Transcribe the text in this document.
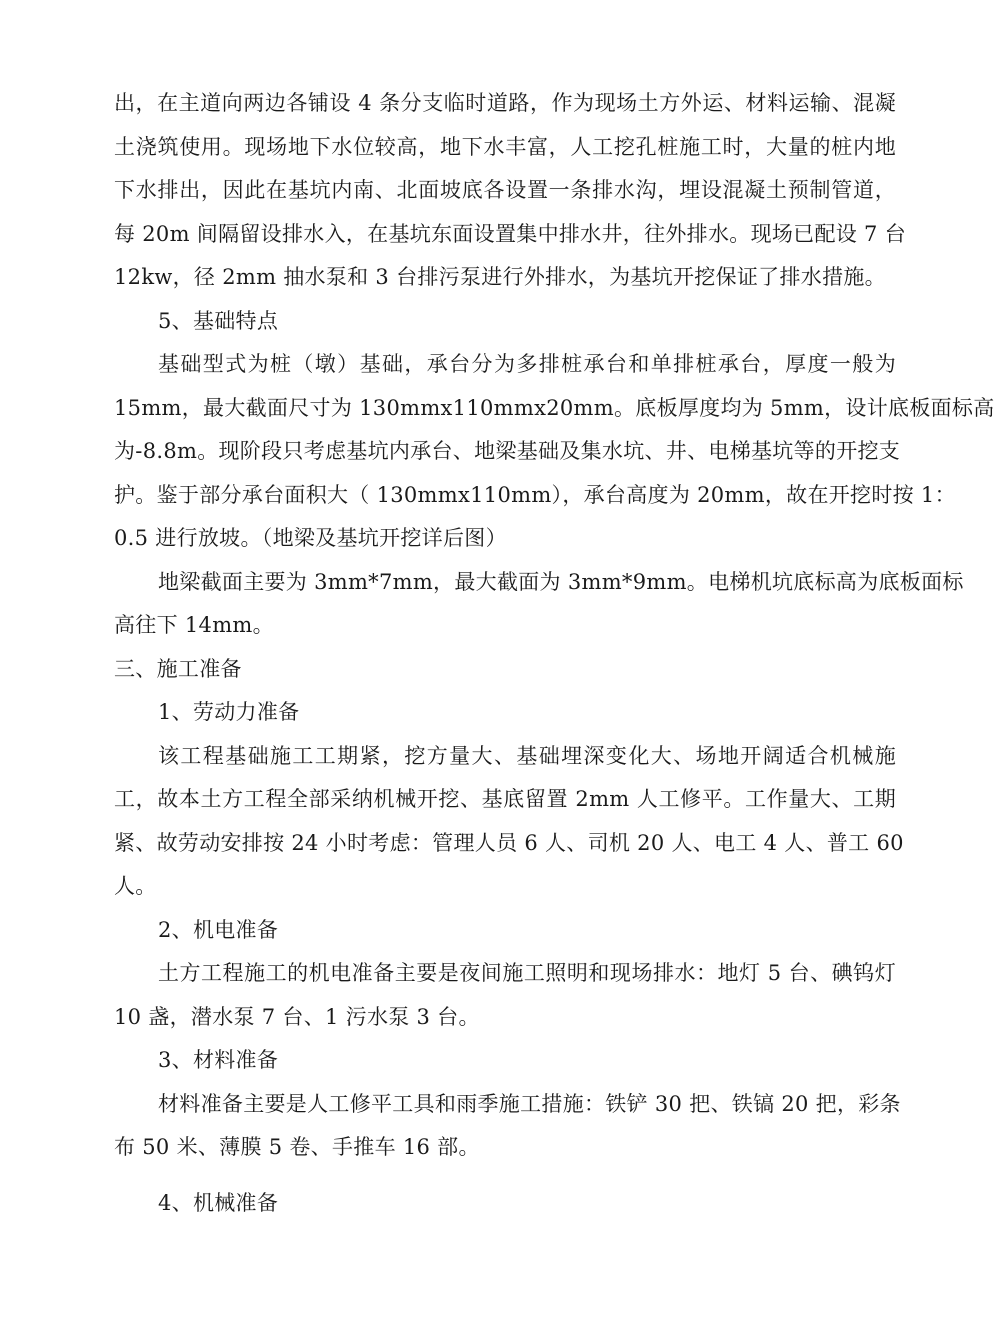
出，在主道向两边各铺设 4 条分支临时道路，作为现场土方外运、材料运输、混凝
土浇筑使用。现场地下水位较高，地下水丰富，人工挖孔桩施工时，大量的桩内地
下水排出，因此在基坑内南、北面坡底各设置一条排水沟，埋设混凝土预制管道，
每 20m 间隔留设排水入，在基坑东面设置集中排水井，往外排水。现场已配设 7 台
12kw，径 2mm 抽水泵和 3 台排污泵进行外排水，为基坑开挖保证了排水措施。
5、基础特点
基础型式为桩（墩）基础，承台分为多排桩承台和单排桩承台，厚度一般为
15mm，最大截面尺寸为 130mmx110mmx20mm。底板厚度均为 5mm，设计底板面标高
为-8.8m。现阶段只考虑基坑内承台、地梁基础及集水坑、井、电梯基坑等的开挖支
护。鉴于部分承台面积大（ 130mmx110mm），承台高度为 20mm，故在开挖时按 1：
0.5 进行放坡。（地梁及基坑开挖详后图）
地梁截面主要为 3mm*7mm，最大截面为 3mm*9mm。电梯机坑底标高为底板面标
高往下 14mm。
三、施工准备
1、劳动力准备
该工程基础施工工期紧，挖方量大、基础埋深变化大、场地开阔适合机械施
工，故本土方工程全部采纳机械开挖、基底留置 2mm 人工修平。工作量大、工期
紧、故劳动安排按 24 小时考虑：管理人员 6 人、司机 20 人、电工 4 人、普工 60
人。
2、机电准备
土方工程施工的机电准备主要是夜间施工照明和现场排水：地灯 5 台、碘钨灯
10 盏，潜水泵 7 台、1 污水泵 3 台。
3、材料准备
材料准备主要是人工修平工具和雨季施工措施：铁铲 30 把、铁镐 20 把，彩条
布 50 米、薄膜 5 卷、手推车 16 部。
4、机械准备
